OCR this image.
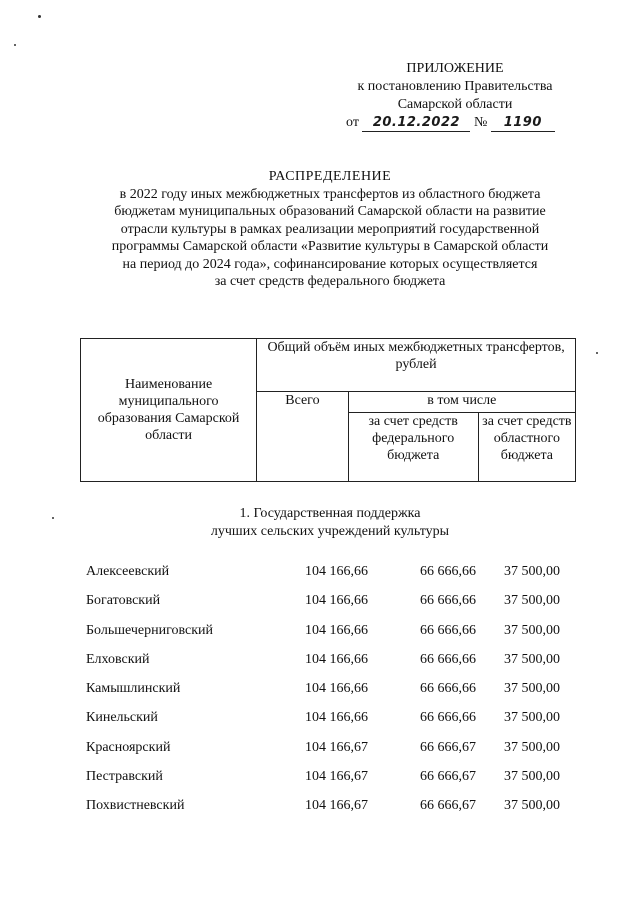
ПРИЛОЖЕНИЕ
к постановлению Правительства
Самарской области
от 20.12.2022 № 1190
РАСПРЕДЕЛЕНИЕ
в 2022 году иных межбюджетных трансфертов из областного бюджета
бюджетам муниципальных образований Самарской области на развитие
отрасли культуры в рамках реализации мероприятий государственной
программы Самарской области «Развитие культуры в Самарской области
на период до 2024 года», софинансирование которых осуществляется
за счет средств федерального бюджета
Наименование муниципального образования Самарской области	Общий объём иных межбюджетных трансфертов, рублей		
	Всего	в том числе	
		за счет средств федерального бюджета	за счет средств областного бюджета
1. Государственная поддержка
лучших сельских учреждений культуры
Алексеевский	104 166,66	66 666,66	37 500,00
Богатовский	104 166,66	66 666,66	37 500,00
Большечерниговский	104 166,66	66 666,66	37 500,00
Елховский	104 166,66	66 666,66	37 500,00
Камышлинский	104 166,66	66 666,66	37 500,00
Кинельский	104 166,66	66 666,66	37 500,00
Красноярский	104 166,67	66 666,67	37 500,00
Пестравский	104 166,67	66 666,67	37 500,00
Похвистневский	104 166,67	66 666,67	37 500,00
